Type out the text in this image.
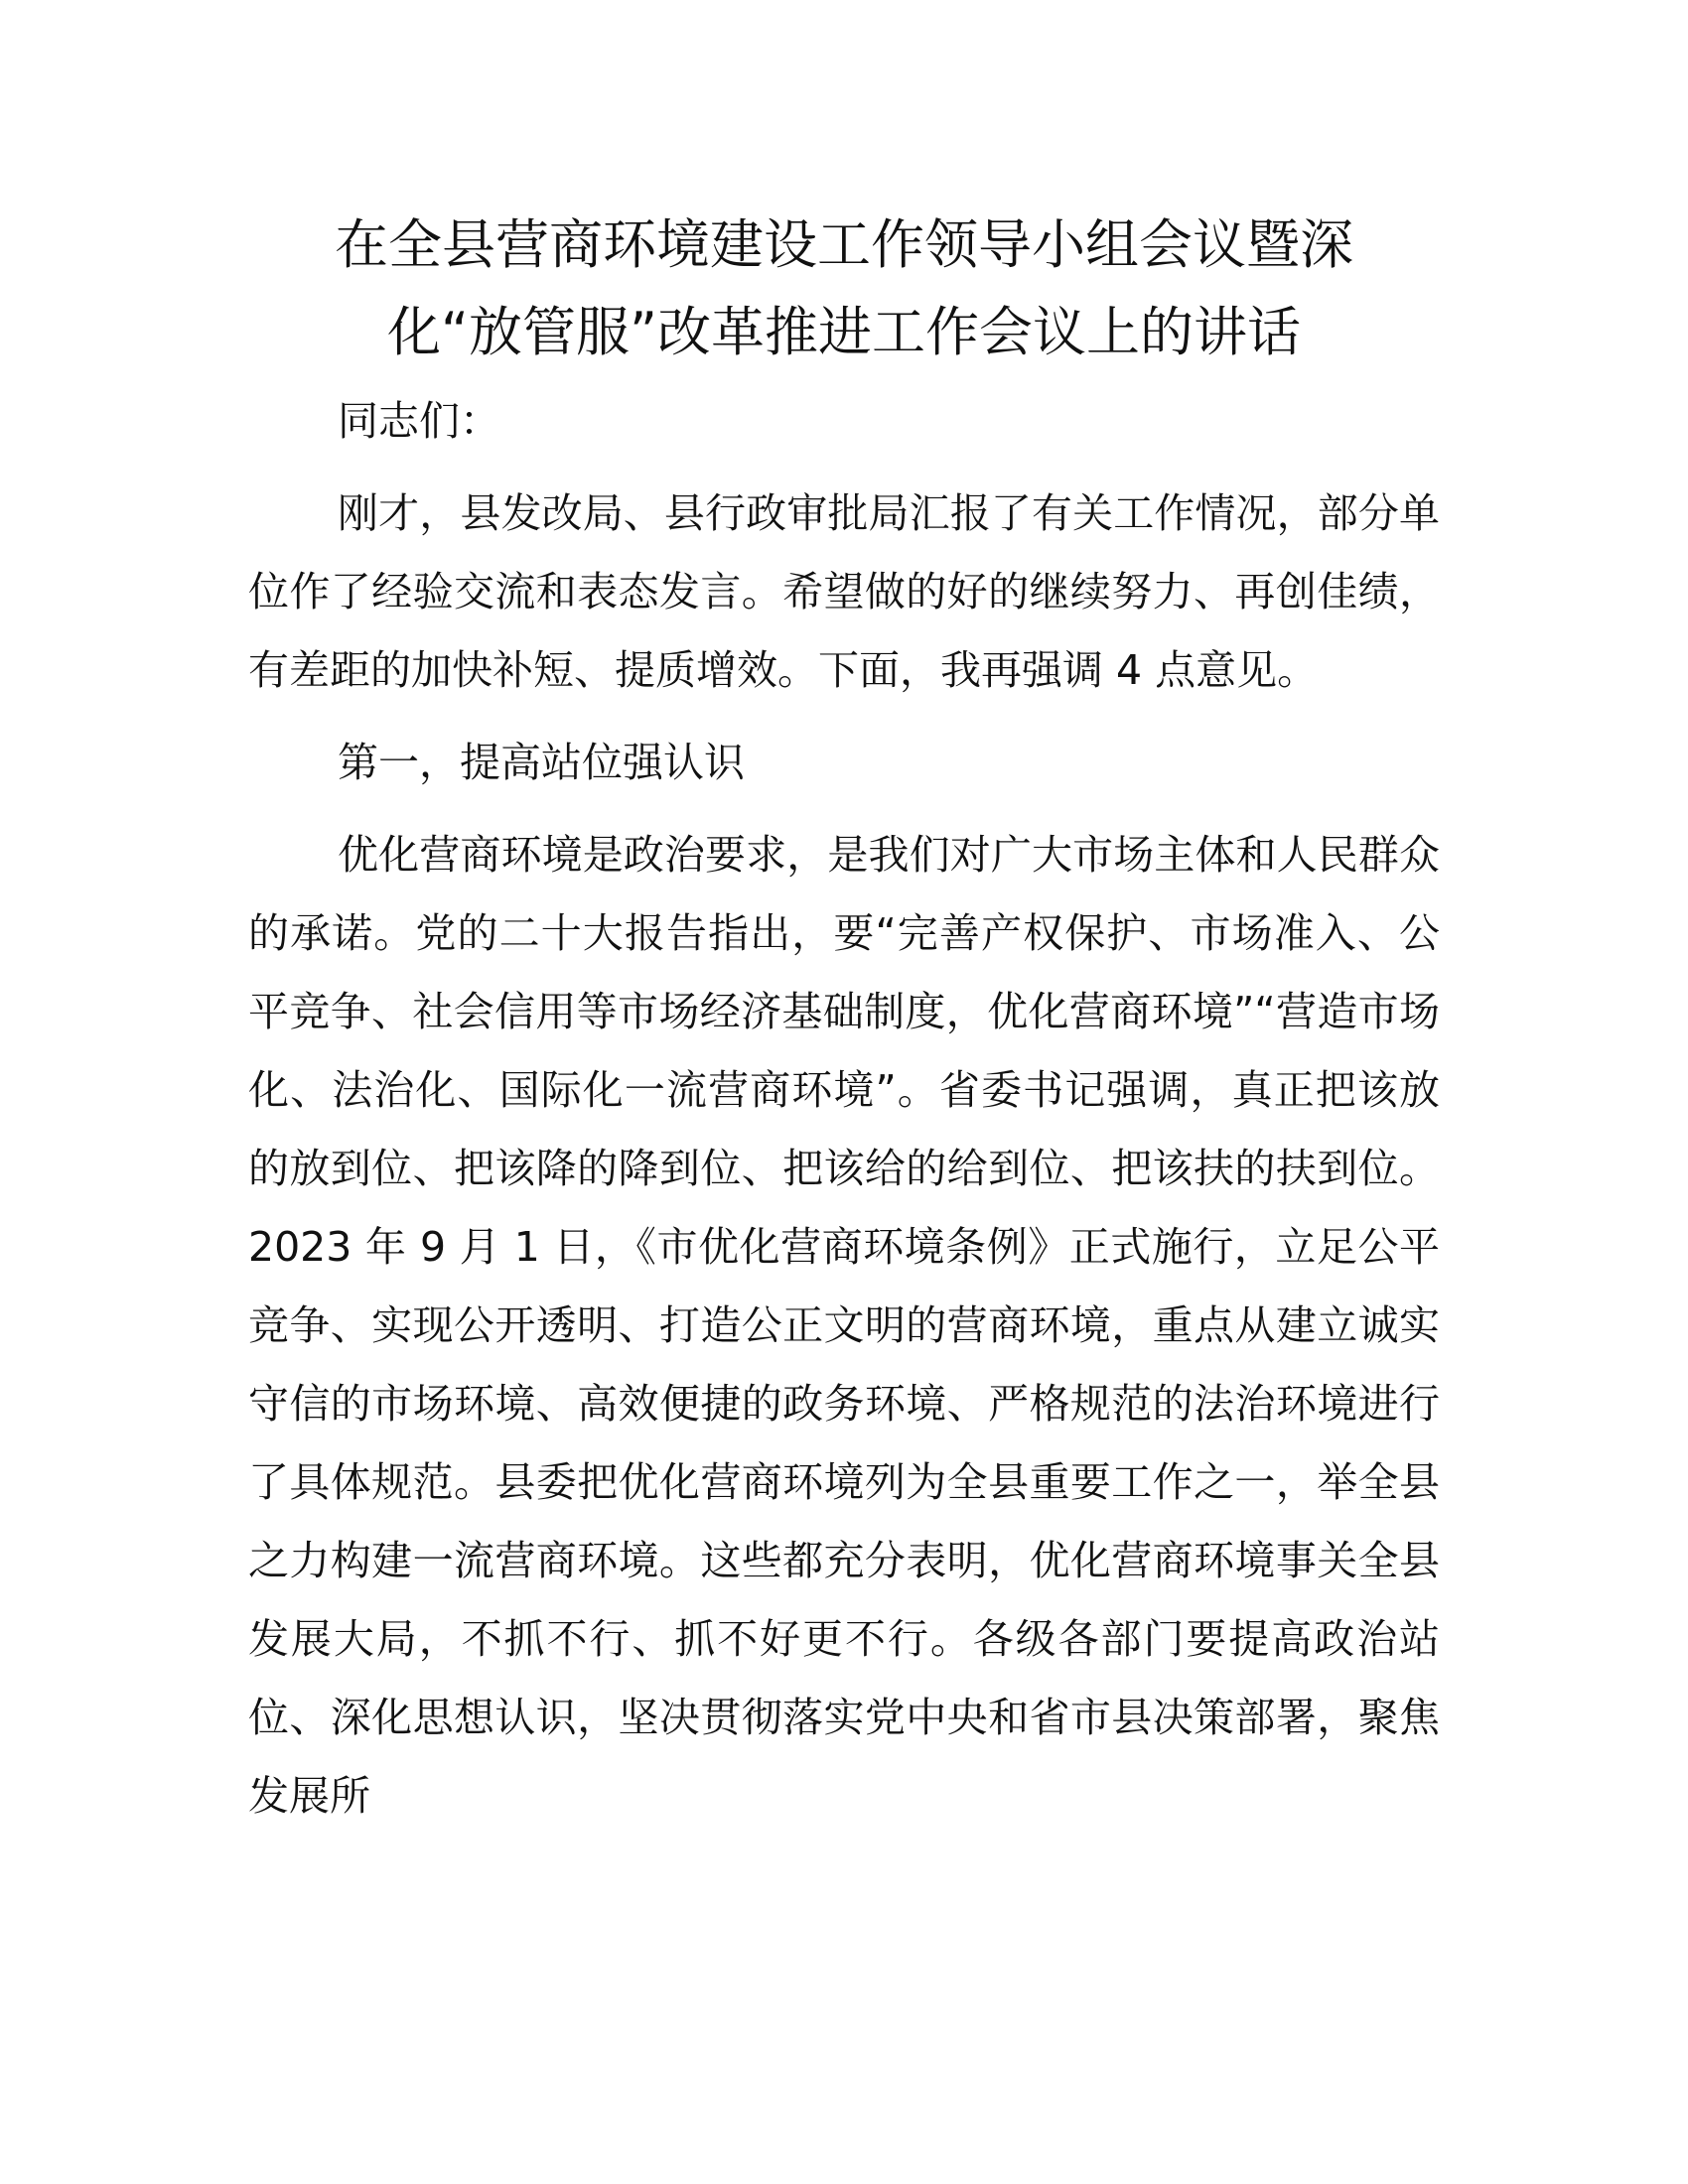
在全县营商环境建设工作领导小组会议暨深
化“放管服”改革推进工作会议上的讲话

同志们：

刚才，县发改局、县行政审批局汇报了有关工作情况，部分单位作了经验交流和表态发言。希望做的好的继续努力、再创佳绩，有差距的加快补短、提质增效。下面，我再强调 4 点意见。

第一，提高站位强认识

优化营商环境是政治要求，是我们对广大市场主体和人民群众的承诺。党的二十大报告指出，要“完善产权保护、市场准入、公平竞争、社会信用等市场经济基础制度，优化营商环境”“营造市场化、法治化、国际化一流营商环境”。省委书记强调，真正把该放的放到位、把该降的降到位、把该给的给到位、把该扶的扶到位。2023 年 9 月 1 日，《市优化营商环境条例》正式施行，立足公平竞争、实现公开透明、打造公正文明的营商环境，重点从建立诚实守信的市场环境、高效便捷的政务环境、严格规范的法治环境进行了具体规范。县委把优化营商环境列为全县重要工作之一，举全县之力构建一流营商环境。这些都充分表明，优化营商环境事关全县发展大局，不抓不行、抓不好更不行。各级各部门要提高政治站位、深化思想认识，坚决贯彻落实党中央和省市县决策部署，聚焦发展所
